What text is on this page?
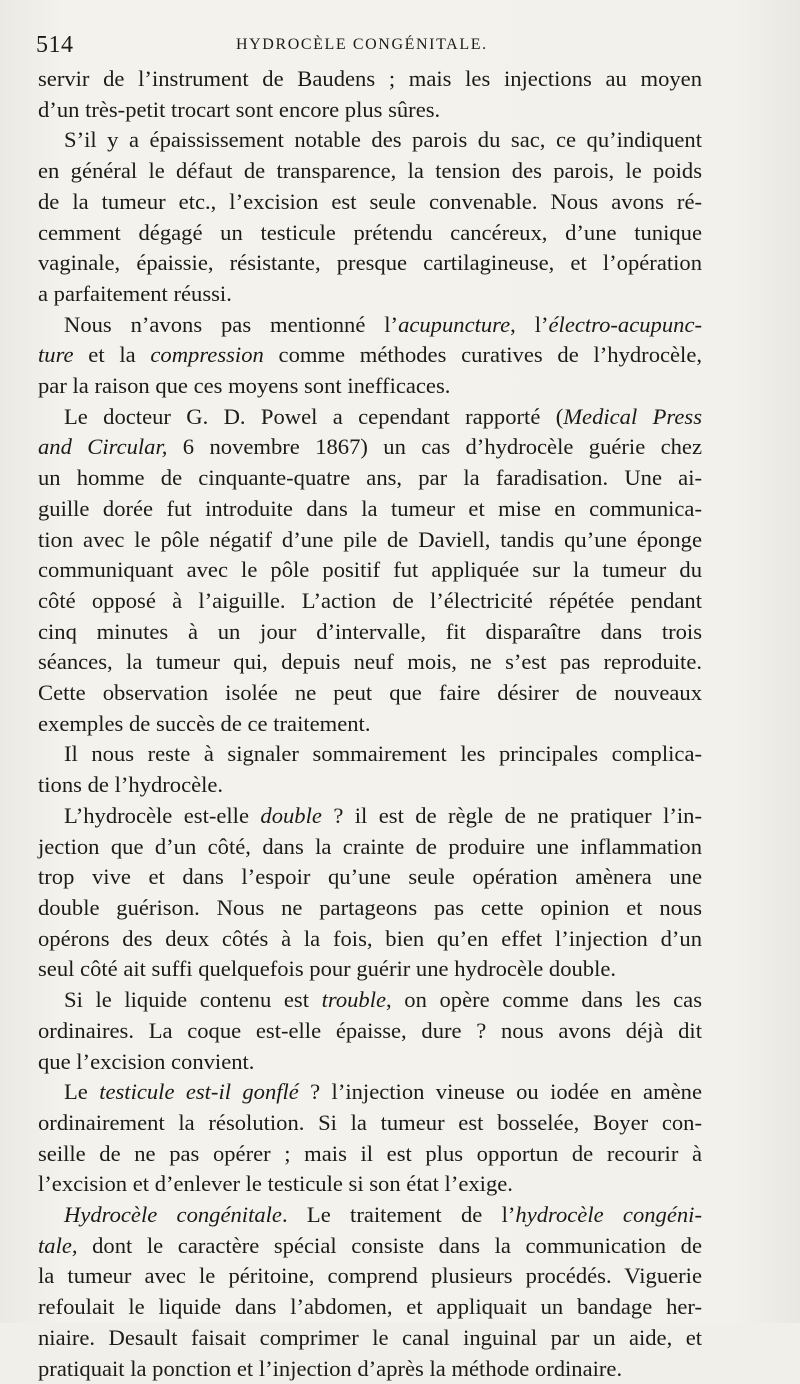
514	HYDROCÈLE CONGÉNITALE.
servir de l’instrument de Baudens ; mais les injections au moyen
d’un très-petit trocart sont encore plus sûres.
S’il y a épaississement notable des parois du sac, ce qu’indiquent
en général le défaut de transparence, la tension des parois, le poids
de la tumeur etc., l’excision est seule convenable. Nous avons ré-
cemment dégagé un testicule prétendu cancéreux, d’une tunique
vaginale, épaissie, résistante, presque cartilagineuse, et l’opération
a parfaitement réussi.
Nous n’avons pas mentionné l’acupuncture, l’électro-acupunc-
ture et la compression comme méthodes curatives de l’hydrocèle,
par la raison que ces moyens sont inefficaces.
Le docteur G. D. Powel a cependant rapporté (Medical Press
and Circular, 6 novembre 1867) un cas d’hydrocèle guérie chez
un homme de cinquante-quatre ans, par la faradisation. Une ai-
guille dorée fut introduite dans la tumeur et mise en communica-
tion avec le pôle négatif d’une pile de Daviell, tandis qu’une éponge
communiquant avec le pôle positif fut appliquée sur la tumeur du
côté opposé à l’aiguille. L’action de l’électricité répétée pendant
cinq minutes à un jour d’intervalle, fit disparaître dans trois
séances, la tumeur qui, depuis neuf mois, ne s’est pas reproduite.
Cette observation isolée ne peut que faire désirer de nouveaux
exemples de succès de ce traitement.
Il nous reste à signaler sommairement les principales complica-
tions de l’hydrocèle.
L’hydrocèle est-elle double ? il est de règle de ne pratiquer l’in-
jection que d’un côté, dans la crainte de produire une inflammation
trop vive et dans l’espoir qu’une seule opération amènera une
double guérison. Nous ne partageons pas cette opinion et nous
opérons des deux côtés à la fois, bien qu’en effet l’injection d’un
seul côté ait suffi quelquefois pour guérir une hydrocèle double.
Si le liquide contenu est trouble, on opère comme dans les cas
ordinaires. La coque est-elle épaisse, dure ? nous avons déjà dit
que l’excision convient.
Le testicule est-il gonflé ? l’injection vineuse ou iodée en amène
ordinairement la résolution. Si la tumeur est bosselée, Boyer con-
seille de ne pas opérer ; mais il est plus opportun de recourir à
l’excision et d’enlever le testicule si son état l’exige.
Hydrocèle congénitale. Le traitement de l’hydrocèle congéni-
tale, dont le caractère spécial consiste dans la communication de
la tumeur avec le péritoine, comprend plusieurs procédés. Viguerie
refoulait le liquide dans l’abdomen, et appliquait un bandage her-
niaire. Desault faisait comprimer le canal inguinal par un aide, et
pratiquait la ponction et l’injection d’après la méthode ordinaire.
